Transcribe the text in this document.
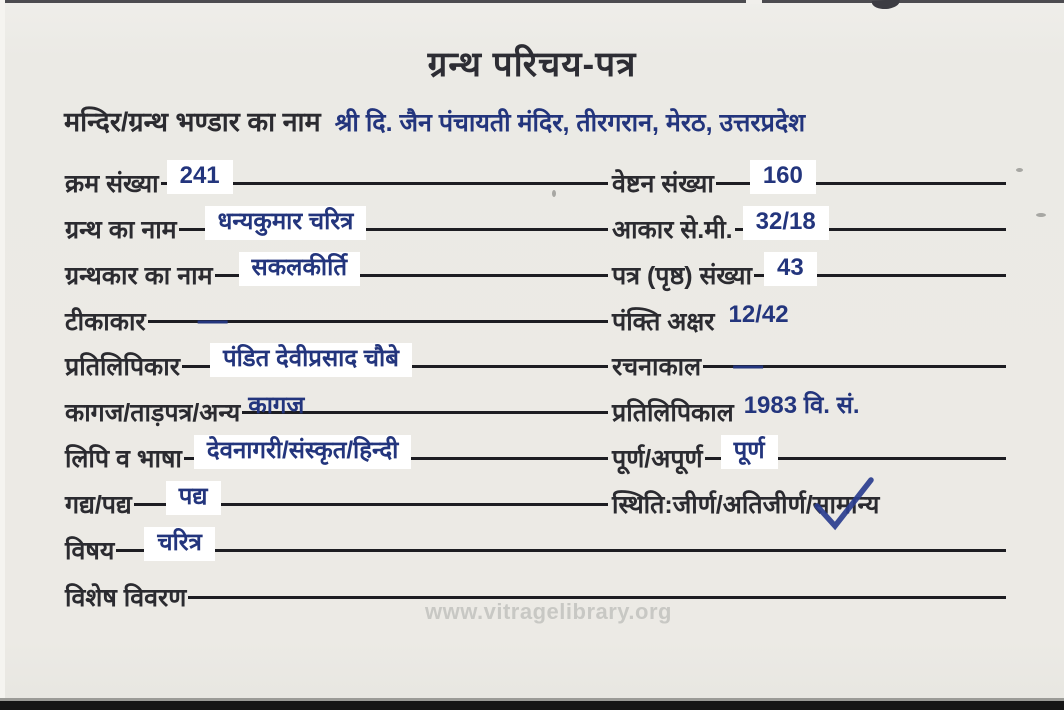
ग्रन्थ परिचय-पत्र
मन्दिर/ग्रन्थ भण्डार का नाम श्री दि. जैन पंचायती मंदिर, तीरगरान, मेरठ, उत्तरप्रदेश
क्रम संख्या 241	वेष्टन संख्या	160
ग्रन्थ का नाम	धन्यकुमार चरित्र	आकार से.मी. 32/18
ग्रन्थकार का नाम	सकलकीर्ति	पत्र (पृष्ठ) संख्या	43
टीकाकार —	पंक्ति अक्षर 12/42
प्रतिलिपिकार	पंडित देवीप्रसाद चौबे	रचनाकाल —
कागज/ताड़पत्र/अन्य कागज	प्रतिलिपिकाल 1983 वि. सं.
लिपि व भाषा	देवनागरी/संस्कृत/हिन्दी	पूर्ण/अपूर्ण	पूर्ण
गद्य/पद्य	पद्य	स्थिति:जीर्ण/अतिजीर्ण/ सामान्य
विषय	चरित्र
विशेष विवरण	www.vitragelibrary.org
